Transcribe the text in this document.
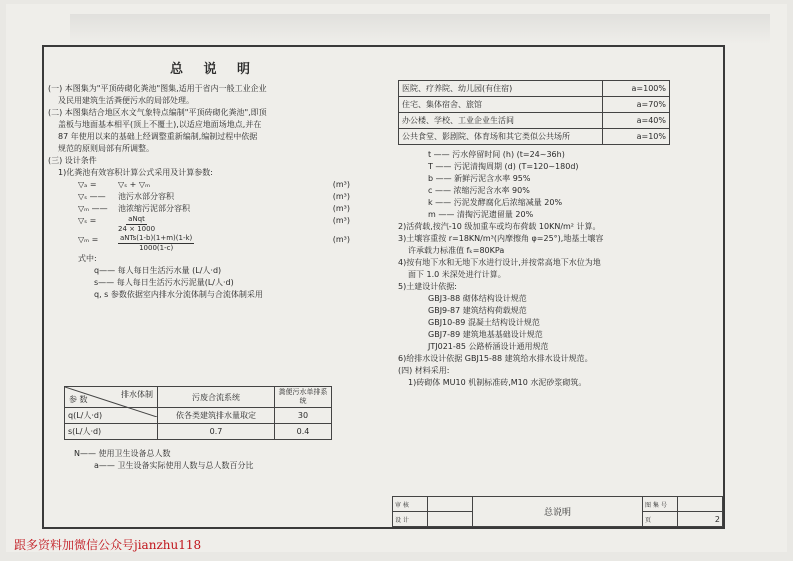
总 说 明

(一) 本图集为"平顶砖砌化粪池"图集,适用于省内一般工业企业

及民用建筑生活粪便污水的局部处理。

(二) 本图集结合地区水文气象特点编制"平顶砖砌化粪池",即顶

盖板与地面基本相平(顶上不覆土),以适应地面场地点,并在

87 年使用以来的基础上经调整重新编制,编制过程中依据

规范的原则局部有所调整。

(三) 设计条件

1)化粪池有效容积计算公式采用及计算参数:

▽ₐ =	▽ₛ + ▽ₘ	(m³)
▽ₛ ——	池污水部分容积	(m³)
▽ₘ ——	池浓缩污泥部分容积	(m³)
▽ₛ =	$\frac{\text{aNqt}}{24 \times 1000}$	(m³)
▽ₘ =	$\frac{\text{aNTs(1-b)(1+m)(1-k)}}{1000(1-c)}$	(m³)

式中:

q—— 每人每日生活污水量 (L/人·d)

s—— 每人每日生活污水污泥量(L/人·d)

q, s 参数依据室内排水分流体制与合流体制采用

排水体制
参 数	污废合流系统	粪便污水单排系统
q(L/人·d)	依各类建筑排水量取定	30
s(L/人·d)	0.7	0.4

N—— 使用卫生设备总人数

a—— 卫生设备实际使用人数与总人数百分比

医院、疗养院、幼儿园(有住宿)	a=100%
住宅、集体宿舍、旅馆	a=70%
办公楼、学校、工业企业生活间	a=40%
公共食堂、影剧院、体育场和其它类似公共场所	a=10%

t —— 污水停留时间 (h) (t=24~36h)

T —— 污泥清掏周期 (d) (T=120~180d)

b —— 新鲜污泥含水率 95%

c —— 浓缩污泥含水率 90%

k —— 污泥发酵腐化后浓缩减量 20%

m —— 清掏污泥遗留量 20%

2)活荷载,按汽-10 级加重车或均布荷载 10KN/m² 计算。

3)土壤容重按 r=18KN/m³(内摩擦角 φ=25°),地基土壤容

许承载力标准值 fₖ=80KPa

4)按有地下水和无地下水进行设计,并按常高地下水位为地

面下 1.0 米深处进行计算。

5)土建设计依据:

GBJ3-88 砌体结构设计规范

GBJ9-87 建筑结构荷载规范

GBJ10-89 混凝土结构设计规范

GBJ7-89 建筑地基基础设计规范

JTJ021-85 公路桥涵设计通用规范

6)给排水设计依据 GBJ15-88 建筑给水排水设计规范。

(四) 材料采用:

1)砖砌体 MU10 机制标准砖,M10 水泥砂浆砌筑。

审 核		总说明	图 集 号	
设 计			页	2
跟多资料加微信公众号jianzhu118
